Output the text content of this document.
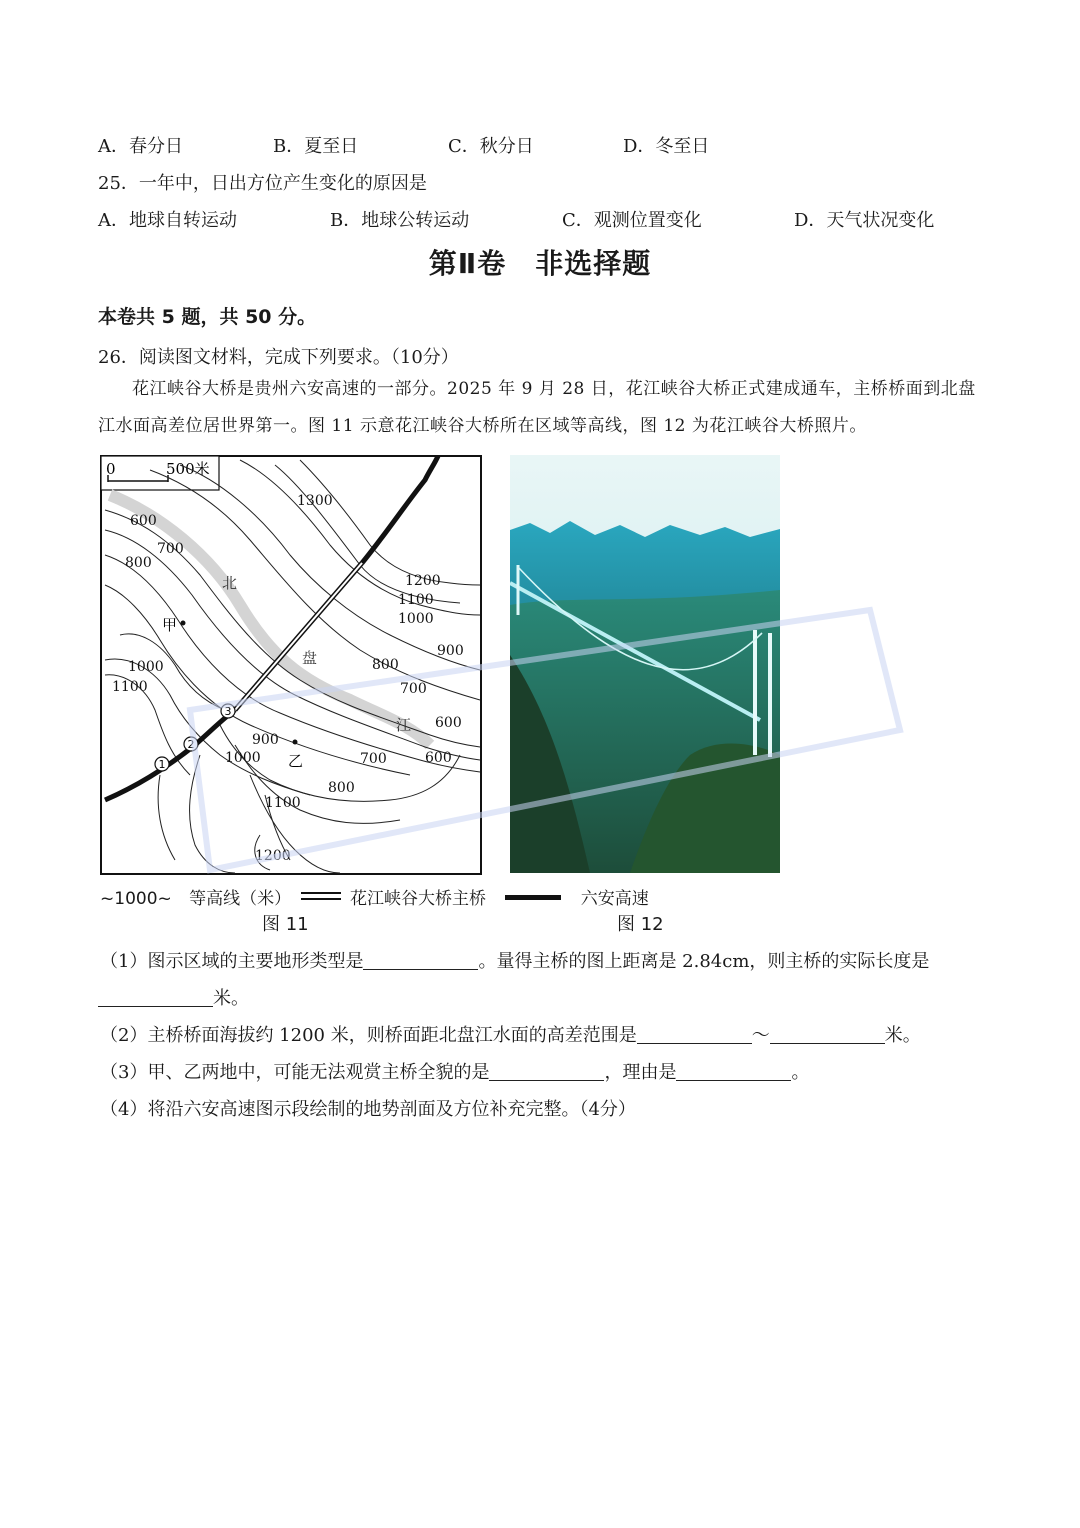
A．春分日	B．夏至日	C．秋分日	D．冬至日
25．一年中，日出方位产生变化的原因是
A．地球自转运动	B．地球公转运动	C．观测位置变化	D．天气状况变化
第Ⅱ卷　非选择题
本卷共 5 题，共 50 分。
26．阅读图文材料，完成下列要求。（10分）
花江峡谷大桥是贵州六安高速的一部分。2025 年 9 月 28 日，花江峡谷大桥正式建成通车，主桥桥面到北盘江水面高差位居世界第一。图 11 示意花江峡谷大桥所在区域等高线，图 12 为花江峡谷大桥照片。
0	500米
1300
1200
1100
1000
900
800
700
600
600
700
800
1000
1100
900
1000	700	600
800
1100
1200
北
盘
江
甲
乙
1
2
3
~1000~ 等高线（米）	花江峡谷大桥主桥	六安高速
图 11	图 12
（1）图示区域的主要地形类型是	。量得主桥的图上距离是 2.84cm，则主桥的实际长度是
米。
（2）主桥桥面海拔约 1200 米，则桥面距北盘江水面的高差范围是	～	米。
（3）甲、乙两地中，可能无法观赏主桥全貌的是	，理由是	。
（4）将沿六安高速图示段绘制的地势剖面及方位补充完整。（4分）
